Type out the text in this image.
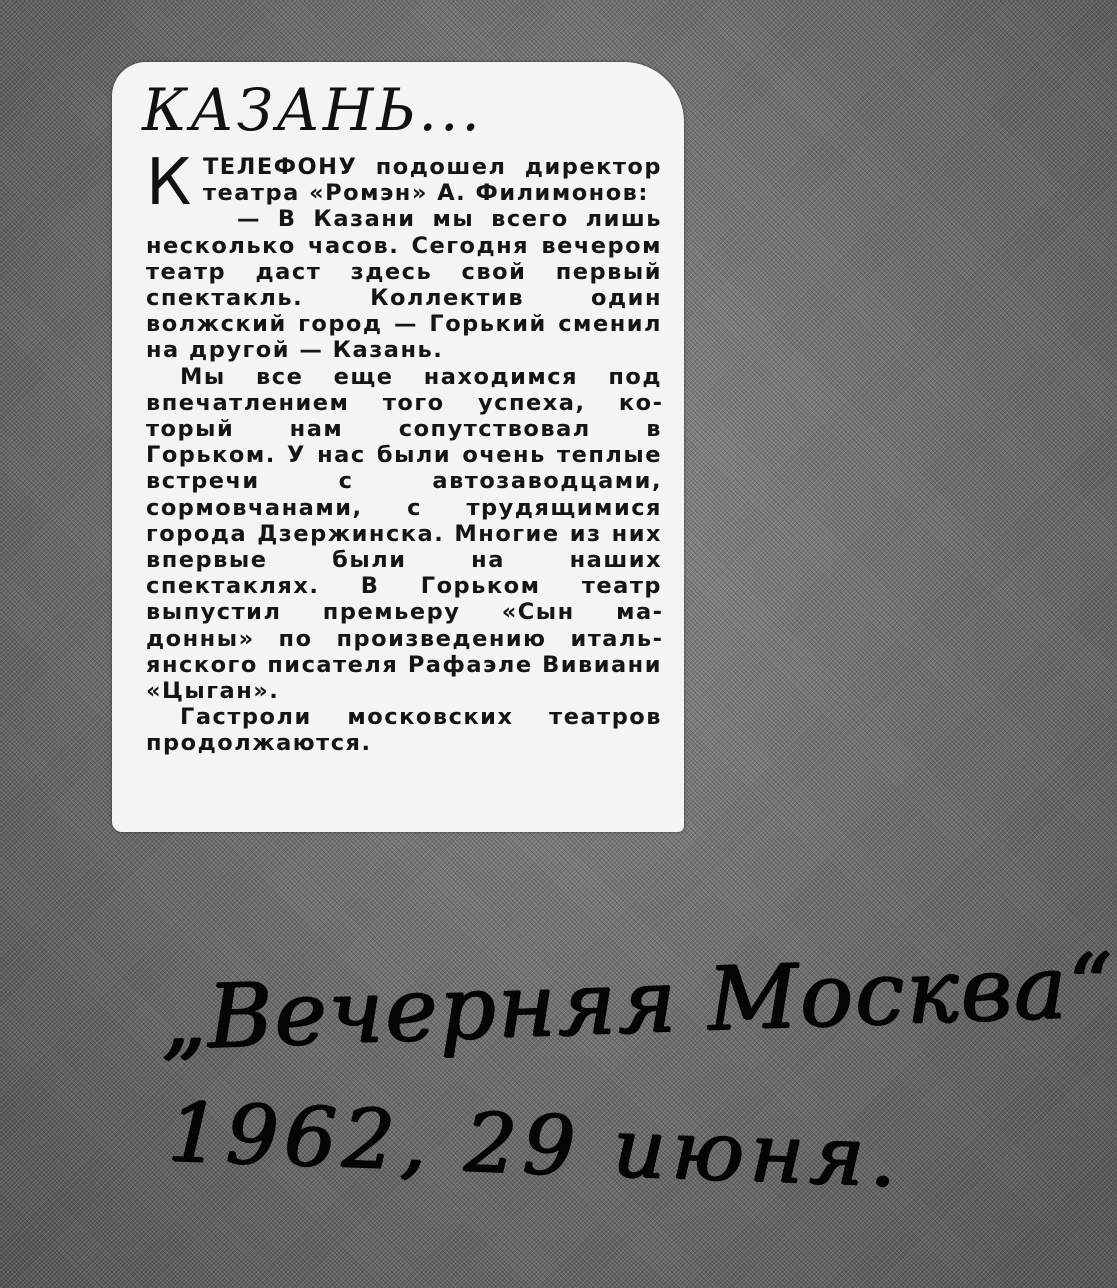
КАЗАНЬ...

КТЕЛЕФОНУ подошел директор театра «Ромэн» А. Филимонов:

— В Казани мы всего лишь несколько часов. Сегодня вечером театр даст здесь свой первый спектакль. Коллектив один волжский город — Горький сменил на другой — Казань.

Мы все еще находимся под впечатлением того успеха, который нам сопутствовал в Горьком. У нас были очень теплые встречи с автозаводцами, сормовчанами, с трудящимися города Дзержинска. Многие из них впервые были на наших спектаклях. В Горьком театр выпустил премьеру «Сын мадонны» по произведению итальянского писателя Рафаэле Вивиани «Цыган».

Гастроли московских театров продолжаются.

„Вечерняя Москва“
1962, 29 июня.
